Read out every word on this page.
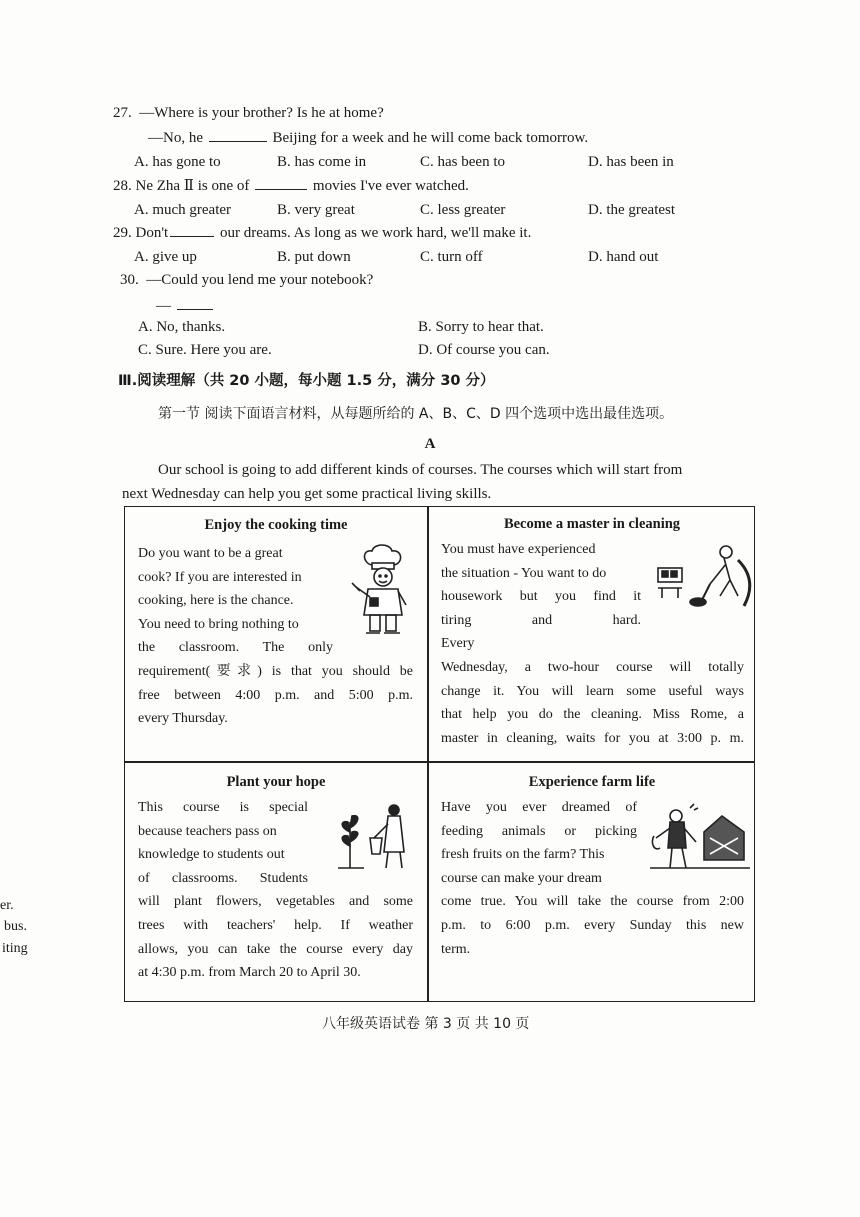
27. —Where is your brother? Is he at home?
—No, he	Beijing for a week and he will come back tomorrow.
A. has gone to	B. has come in	C. has been to	D. has been in
28. Ne Zha Ⅱ is one of	movies I've ever watched.
A. much greater	B. very great	C. less greater	D. the greatest
29. Don't	our dreams. As long as we work hard, we'll make it.
A. give up	B. put down	C. turn off	D. hand out
30. —Could you lend me your notebook?
—
A. No, thanks.	B. Sorry to hear that.
C. Sure. Here you are.	D. Of course you can.
Ⅲ.阅读理解（共 20 小题，每小题 1.5 分，满分 30 分）
第一节 阅读下面语言材料，从每题所给的 A、B、C、D 四个选项中选出最佳选项。
A
Our school is going to add different kinds of courses. The courses which will start from
next Wednesday can help you get some practical living skills.
Enjoy the cooking time
Do you want to be a great
cook? If you are interested in
cooking, here is the chance.
You need to bring nothing to
the classroom. The only
requirement(要求) is that you should be
free between 4:00 p.m. and 5:00 p.m.
every Thursday.
Become a master in cleaning
You must have experienced
the situation - You want to do
housework but you find it
tiring and hard. Every
Wednesday, a two-hour course will totally
change it. You will learn some useful ways
that help you do the cleaning. Miss Rome, a
master in cleaning, waits for you at 3:00 p. m.
Plant your hope
This course is special
because teachers pass on
knowledge to students out
of classrooms. Students
will plant flowers, vegetables and some
trees with teachers' help. If weather
allows, you can take the course every day
at 4:30 p.m. from March 20 to April 30.
Experience farm life
Have you ever dreamed of
feeding animals or picking
fresh fruits on the farm? This
course can make your dream
come true. You will take the course from 2:00
p.m. to 6:00 p.m. every Sunday this new
term.
八年级英语试卷 第 3 页 共 10 页
er.
bus.
iting
